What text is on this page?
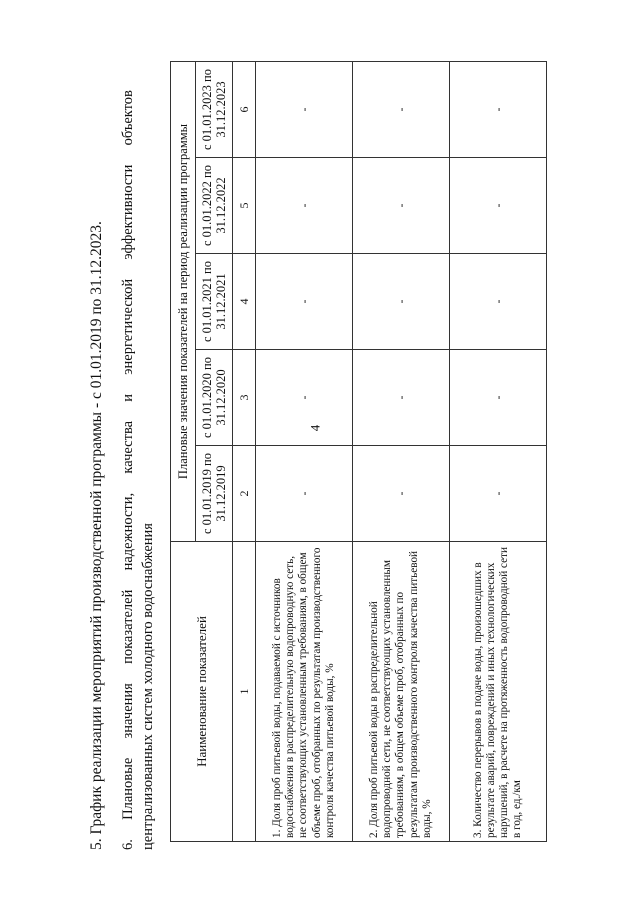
4
5. График реализации мероприятий производственной программы - с 01.01.2019 по 31.12.2023. 6.
Плановые
значения
показателей
надежности,
качества
и
энергетической
эффективности
объектов
централизованных систем холодного водоснабжения	Наименование показателей	Плановые значения показателей на период реализации программы				
	с 01.01.2019 по 31.12.2019	с 01.01.2020 по 31.12.2020	с 01.01.2021 по 31.12.2021	с 01.01.2022 по 31.12.2022	с 01.01.2023 по 31.12.2023
1	2	3	4	5	6
1. Доля проб питьевой воды, подаваемой с источников водоснабжения в распределительную водопроводную сеть, не соответствующих установленным требованиям, в общем объеме проб, отобранных по результатам производственного контроля качества питьевой воды, %	-	-	-	-	-
2. Доля проб питьевой воды в распределительной водопроводной сети, не соответствующих установленным требованиям, в общем объеме проб, отобранных по результатам производственного контроля качества питьевой воды, %	-	-	-	-	-
3. Количество перерывов в подаче воды, произошедших в результате аварий, повреждений и иных технологических нарушений, в расчете на протяженность водопроводной сети в год, ед./км	-	-	-	-	-
